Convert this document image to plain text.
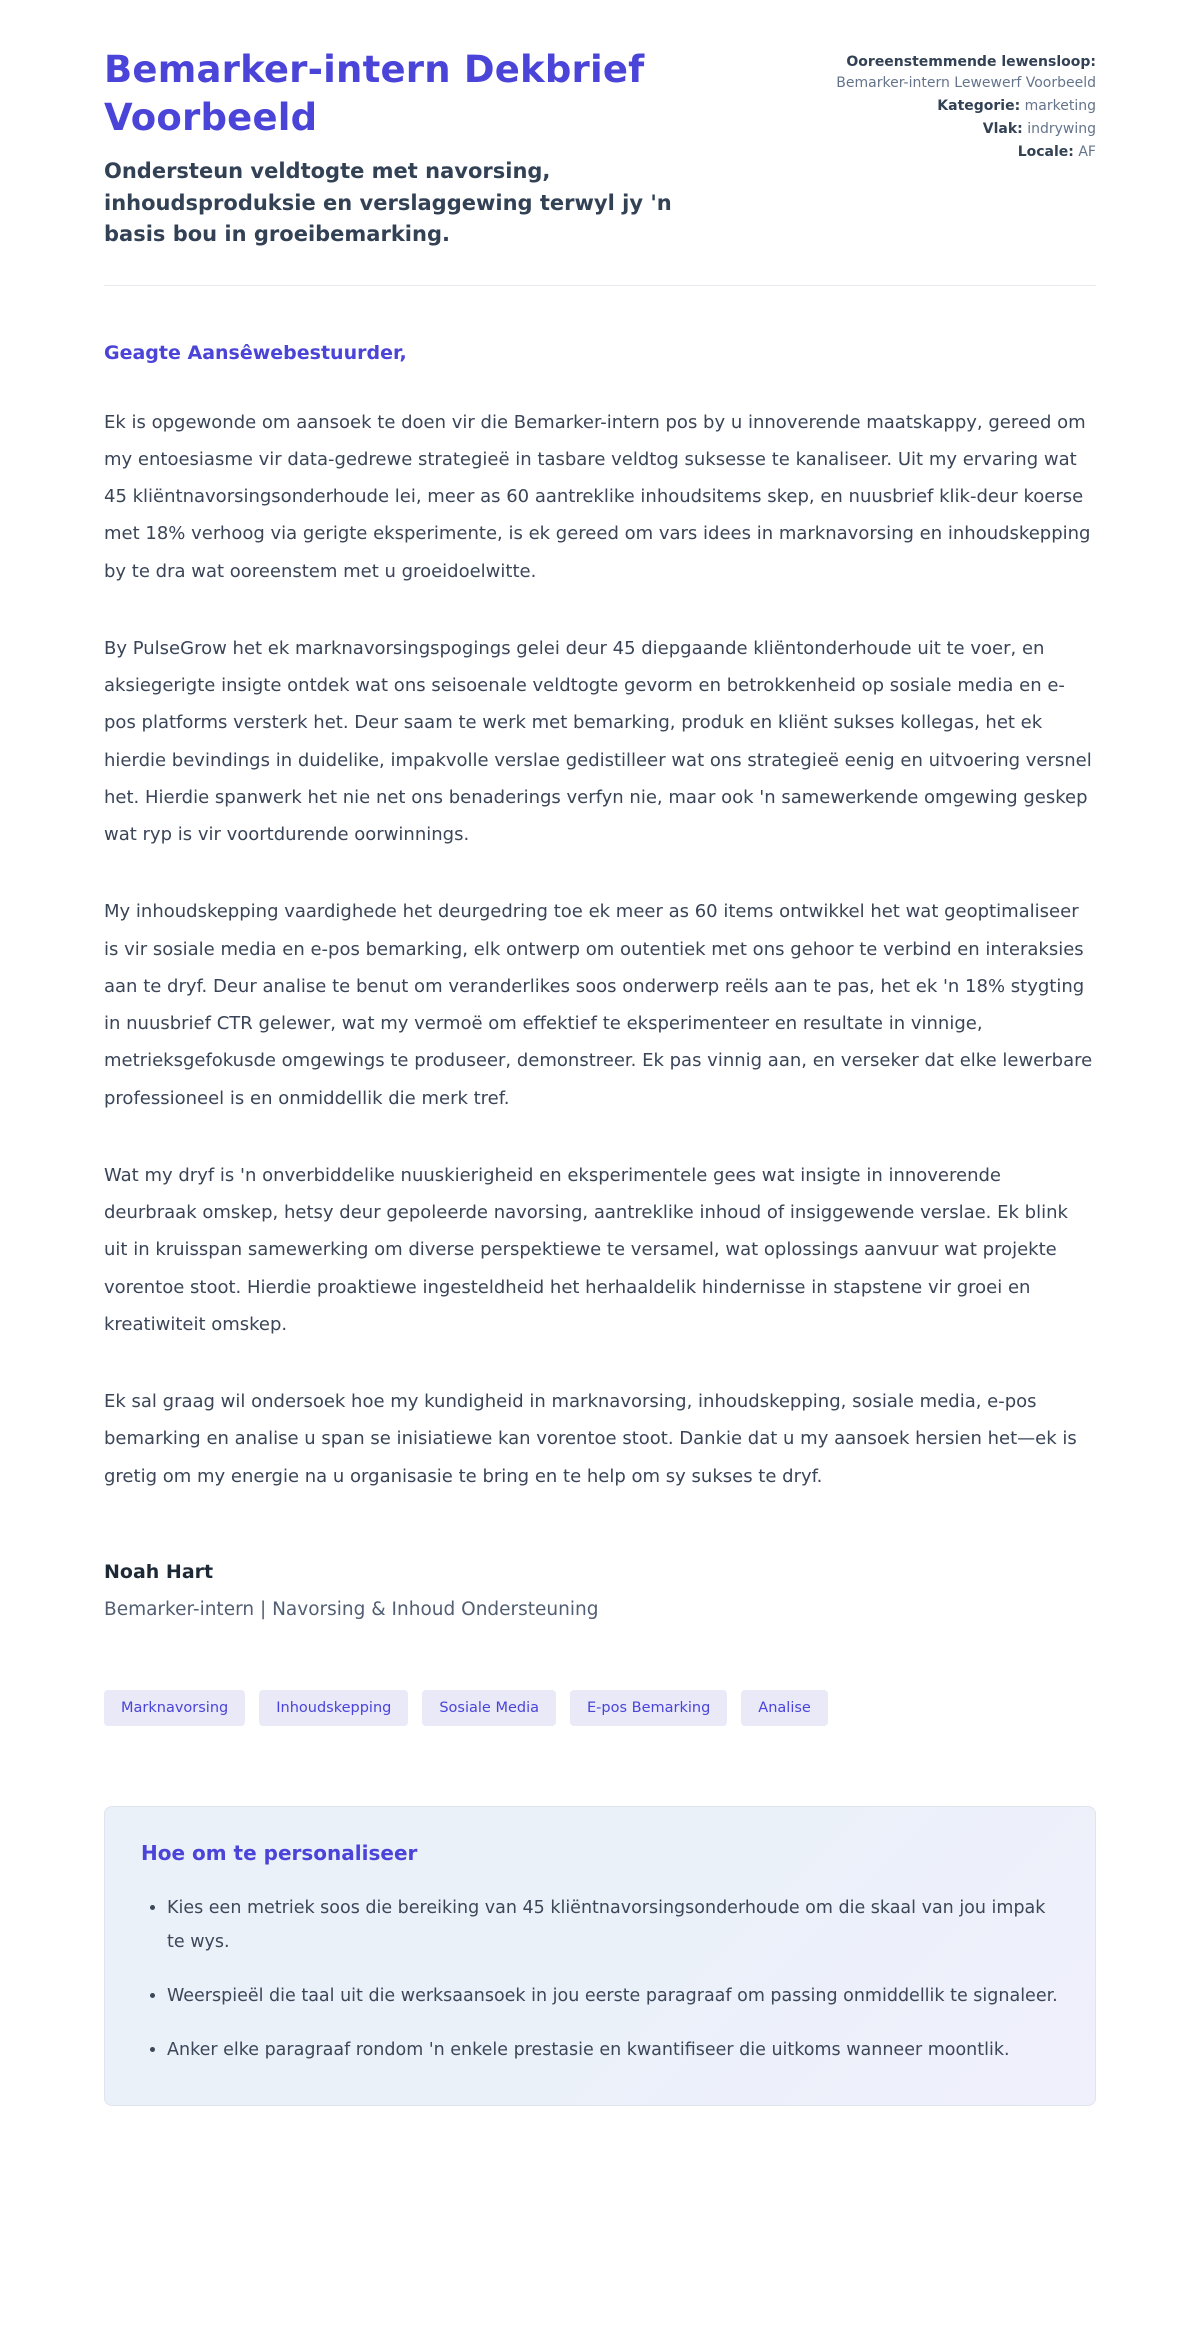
Bemarker-intern Dekbrief Voorbeeld

Ondersteun veldtogte met navorsing, inhoudsproduksie en verslaggewing terwyl jy 'n basis bou in groeibemarking.

Ooreenstemmende lewensloop: Bemarker-intern Lewewerf Voorbeeld

Kategorie: marketing

Vlak: indrywing

Locale: AF

Geagte Aansêwebestuurder,

Ek is opgewonde om aansoek te doen vir die Bemarker-intern pos by u innoverende maatskappy, gereed om my entoesiasme vir data-gedrewe strategieë in tasbare veldtog suksesse te kanaliseer. Uit my ervaring wat 45 kliëntnavorsingsonderhoude lei, meer as 60 aantreklike inhoudsitems skep, en nuusbrief klik-deur koerse met 18% verhoog via gerigte eksperimente, is ek gereed om vars idees in marknavorsing en inhoudskepping by te dra wat ooreenstem met u groeidoelwitte.

By PulseGrow het ek marknavorsingspogings gelei deur 45 diepgaande kliëntonderhoude uit te voer, en aksiegerigte insigte ontdek wat ons seisoenale veldtogte gevorm en betrokkenheid op sosiale media en e-pos platforms versterk het. Deur saam te werk met bemarking, produk en kliënt sukses kollegas, het ek hierdie bevindings in duidelike, impakvolle verslae gedistilleer wat ons strategieë eenig en uitvoering versnel het. Hierdie spanwerk het nie net ons benaderings verfyn nie, maar ook 'n samewerkende omgewing geskep wat ryp is vir voortdurende oorwinnings.

My inhoudskepping vaardighede het deurgedring toe ek meer as 60 items ontwikkel het wat geoptimaliseer is vir sosiale media en e-pos bemarking, elk ontwerp om outentiek met ons gehoor te verbind en interaksies aan te dryf. Deur analise te benut om veranderlikes soos onderwerp reëls aan te pas, het ek 'n 18% stygting in nuusbrief CTR gelewer, wat my vermoë om effektief te eksperimenteer en resultate in vinnige, metrieksgefokusde omgewings te produseer, demonstreer. Ek pas vinnig aan, en verseker dat elke lewerbare professioneel is en onmiddellik die merk tref.

Wat my dryf is 'n onverbiddelike nuuskierigheid en eksperimentele gees wat insigte in innoverende deurbraak omskep, hetsy deur gepoleerde navorsing, aantreklike inhoud of insiggewende verslae. Ek blink uit in kruisspan samewerking om diverse perspektiewe te versamel, wat oplossings aanvuur wat projekte vorentoe stoot. Hierdie proaktiewe ingesteldheid het herhaaldelik hindernisse in stapstene vir groei en kreatiwiteit omskep.

Ek sal graag wil ondersoek hoe my kundigheid in marknavorsing, inhoudskepping, sosiale media, e-pos bemarking en analise u span se inisiatiewe kan vorentoe stoot. Dankie dat u my aansoek hersien het—ek is gretig om my energie na u organisasie te bring en te help om sy sukses te dryf.

Noah Hart

Bemarker-intern | Navorsing & Inhoud Ondersteuning

Marknavorsing	Inhoudskepping	Sosiale Media	E-pos Bemarking	Analise
Hoe om te personaliseer
• Kies een metriek soos die bereiking van 45 kliëntnavorsingsonderhoude om die skaal van jou impak te wys.
• Weerspieël die taal uit die werksaansoek in jou eerste paragraaf om passing onmiddellik te signaleer.
• Anker elke paragraaf rondom 'n enkele prestasie en kwantifiseer die uitkoms wanneer moontlik.
